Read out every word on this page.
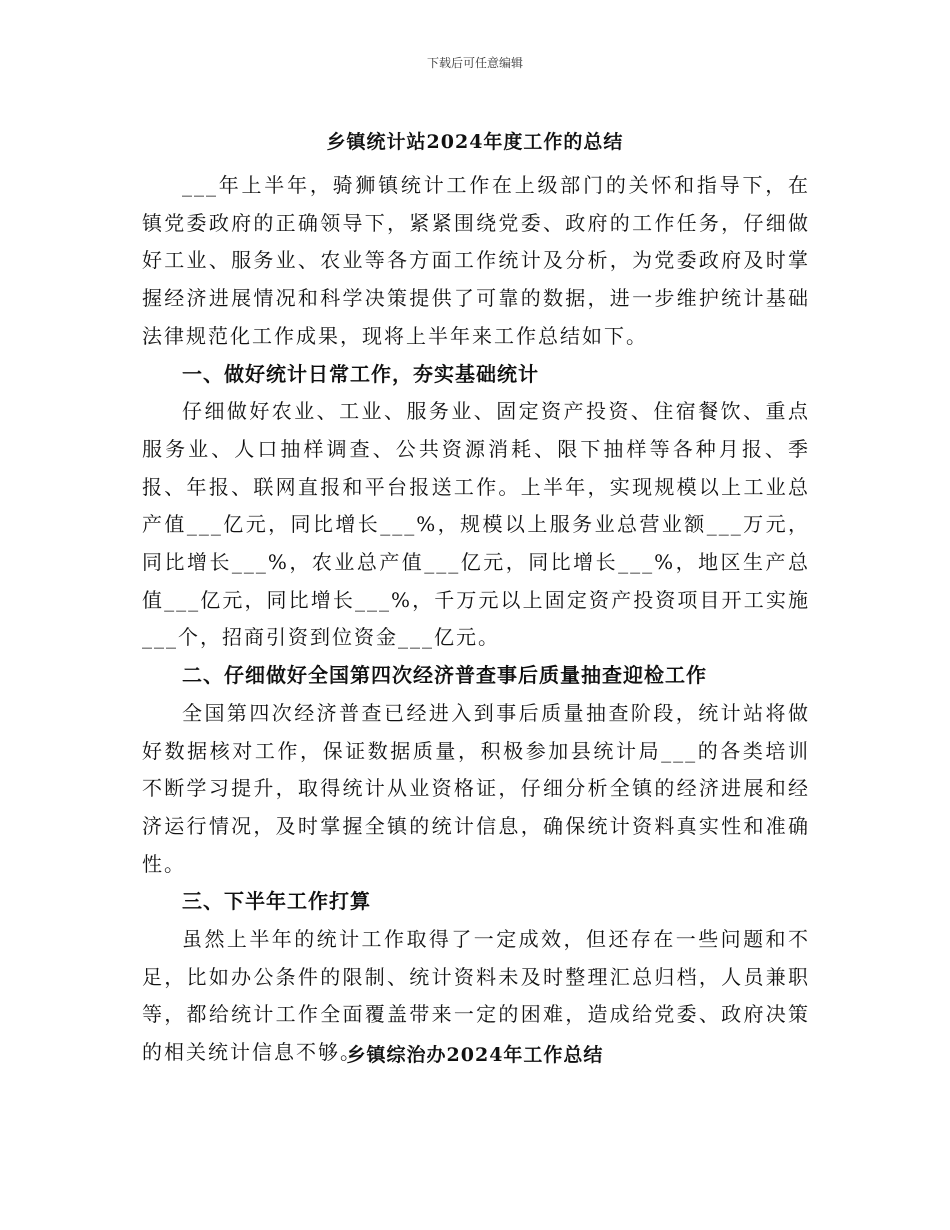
下载后可任意编辑
乡镇统计站2024年度工作的总结

___年上半年，骑狮镇统计工作在上级部门的关怀和指导下，在镇党委政府的正确领导下，紧紧围绕党委、政府的工作任务，仔细做好工业、服务业、农业等各方面工作统计及分析，为党委政府及时掌握经济进展情况和科学决策提供了可靠的数据，进一步维护统计基础法律规范化工作成果，现将上半年来工作总结如下。

一、做好统计日常工作，夯实基础统计

仔细做好农业、工业、服务业、固定资产投资、住宿餐饮、重点服务业、人口抽样调查、公共资源消耗、限下抽样等各种月报、季报、年报、联网直报和平台报送工作。上半年，实现规模以上工业总产值___亿元，同比增长___%，规模以上服务业总营业额___万元，同比增长___%，农业总产值___亿元，同比增长___%，地区生产总值___亿元，同比增长___%，千万元以上固定资产投资项目开工实施___个，招商引资到位资金___亿元。

二、仔细做好全国第四次经济普查事后质量抽查迎检工作

全国第四次经济普查已经进入到事后质量抽查阶段，统计站将做好数据核对工作，保证数据质量，积极参加县统计局___的各类培训不断学习提升，取得统计从业资格证，仔细分析全镇的经济进展和经济运行情况，及时掌握全镇的统计信息，确保统计资料真实性和准确性。

三、下半年工作打算

虽然上半年的统计工作取得了一定成效，但还存在一些问题和不足，比如办公条件的限制、统计资料未及时整理汇总归档，人员兼职等，都给统计工作全面覆盖带来一定的困难，造成给党委、政府决策的相关统计信息不够。

乡镇综治办2024年工作总结
